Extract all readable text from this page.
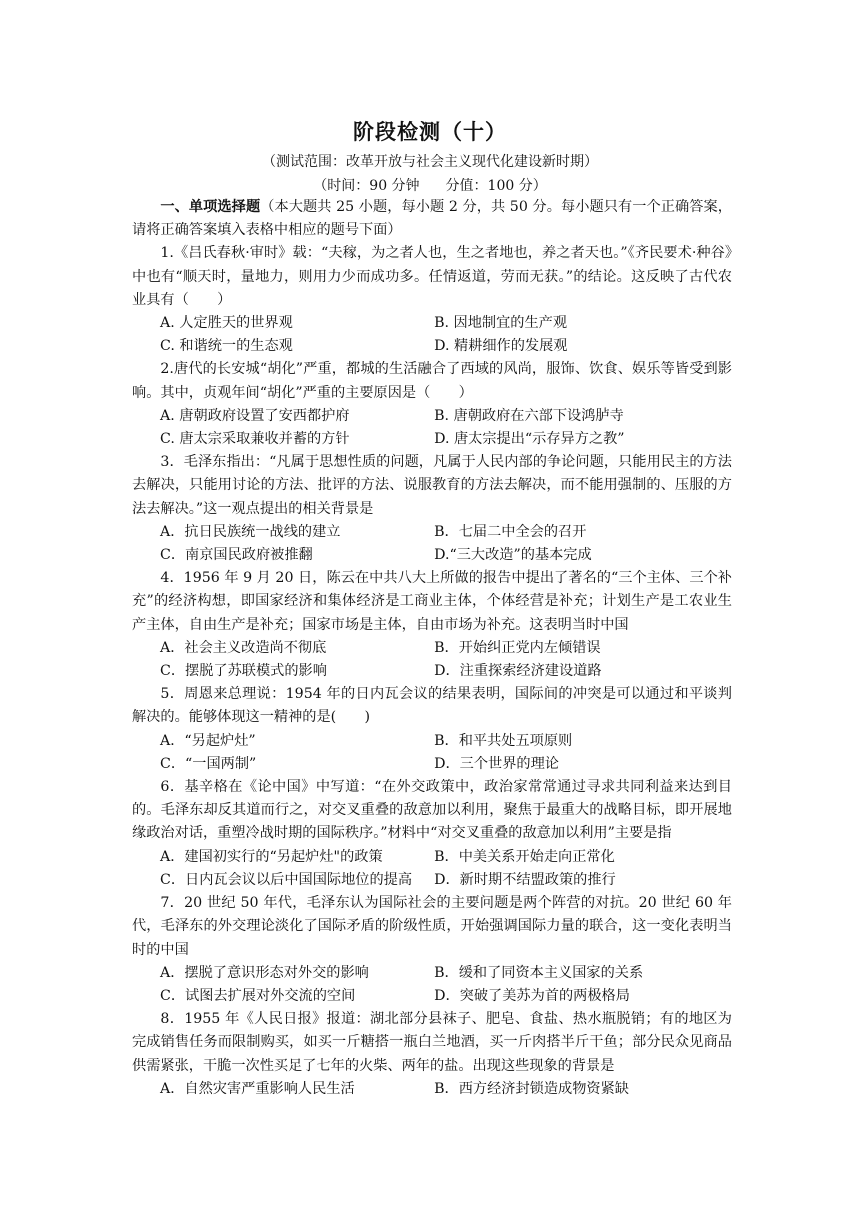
阶段检测（十）
（测试范围：改革开放与社会主义现代化建设新时期）
（时间：90 分钟 分值：100 分）

一、单项选择题（本大题共 25 小题，每小题 2 分，共 50 分。每小题只有一个正确答案，请将正确答案填入表格中相应的题号下面）

1.《吕氏春秋·审时》载：“夫稼，为之者人也，生之者地也，养之者天也。”《齐民要术·种谷》中也有“顺天时，量地力，则用力少而成功多。任情返道，劳而无获。”的结论。这反映了古代农业具有（　　）

A. 人定胜天的世界观	B. 因地制宜的生产观
C. 和谐统一的生态观	D. 精耕细作的发展观

2.唐代的长安城“胡化”严重，都城的生活融合了西域的风尚，服饰、饮食、娱乐等皆受到影响。其中，贞观年间“胡化”严重的主要原因是（　　）

A. 唐朝政府设置了安西都护府	B. 唐朝政府在六部下设鸿胪寺
C. 唐太宗采取兼收并蓄的方针	D. 唐太宗提出“示存异方之教”

3．毛泽东指出：“凡属于思想性质的问题，凡属于人民内部的争论问题，只能用民主的方法去解决，只能用讨论的方法、批评的方法、说服教育的方法去解决，而不能用强制的、压服的方法去解决。”这一观点提出的相关背景是

A．抗日民族统一战线的建立	B．七届二中全会的召开
C．南京国民政府被推翻	D.“三大改造”的基本完成

4．1956 年 9 月 20 日，陈云在中共八大上所做的报告中提出了著名的“三个主体、三个补充”的经济构想，即国家经济和集体经济是工商业主体，个体经营是补充；计划生产是工农业生产主体，自由生产是补充；国家市场是主体，自由市场为补充。这表明当时中国

A．社会主义改造尚不彻底	B．开始纠正党内左倾错误
C．摆脱了苏联模式的影响	D．注重探索经济建设道路

5．周恩来总理说：1954 年的日内瓦会议的结果表明，国际间的冲突是可以通过和平谈判解决的。能够体现这一精神的是(　　)

A．“另起炉灶”	B．和平共处五项原则
C．“一国两制”	D．三个世界的理论

6．基辛格在《论中国》中写道：“在外交政策中，政治家常常通过寻求共同利益来达到目的。毛泽东却反其道而行之，对交叉重叠的敌意加以利用，聚焦于最重大的战略目标，即开展地缘政治对话，重塑冷战时期的国际秩序。”材料中“对交叉重叠的敌意加以利用”主要是指

A．建国初实行的“另起炉灶"的政策	B．中美关系开始走向正常化
C．日内瓦会议以后中国国际地位的提高	D．新时期不结盟政策的推行

7．20 世纪 50 年代，毛泽东认为国际社会的主要问题是两个阵营的对抗。20 世纪 60 年代，毛泽东的外交理论淡化了国际矛盾的阶级性质，开始强调国际力量的联合，这一变化表明当时的中国

A．摆脱了意识形态对外交的影响	B．缓和了同资本主义国家的关系
C．试图去扩展对外交流的空间	D．突破了美苏为首的两极格局

8．1955 年《人民日报》报道：湖北部分县袜子、肥皂、食盐、热水瓶脱销；有的地区为完成销售任务而限制购买，如买一斤糖搭一瓶白兰地酒，买一斤肉搭半斤干鱼；部分民众见商品供需紧张，干脆一次性买足了七年的火柴、两年的盐。出现这些现象的背景是

A．自然灾害严重影响人民生活	B．西方经济封锁造成物资紧缺
